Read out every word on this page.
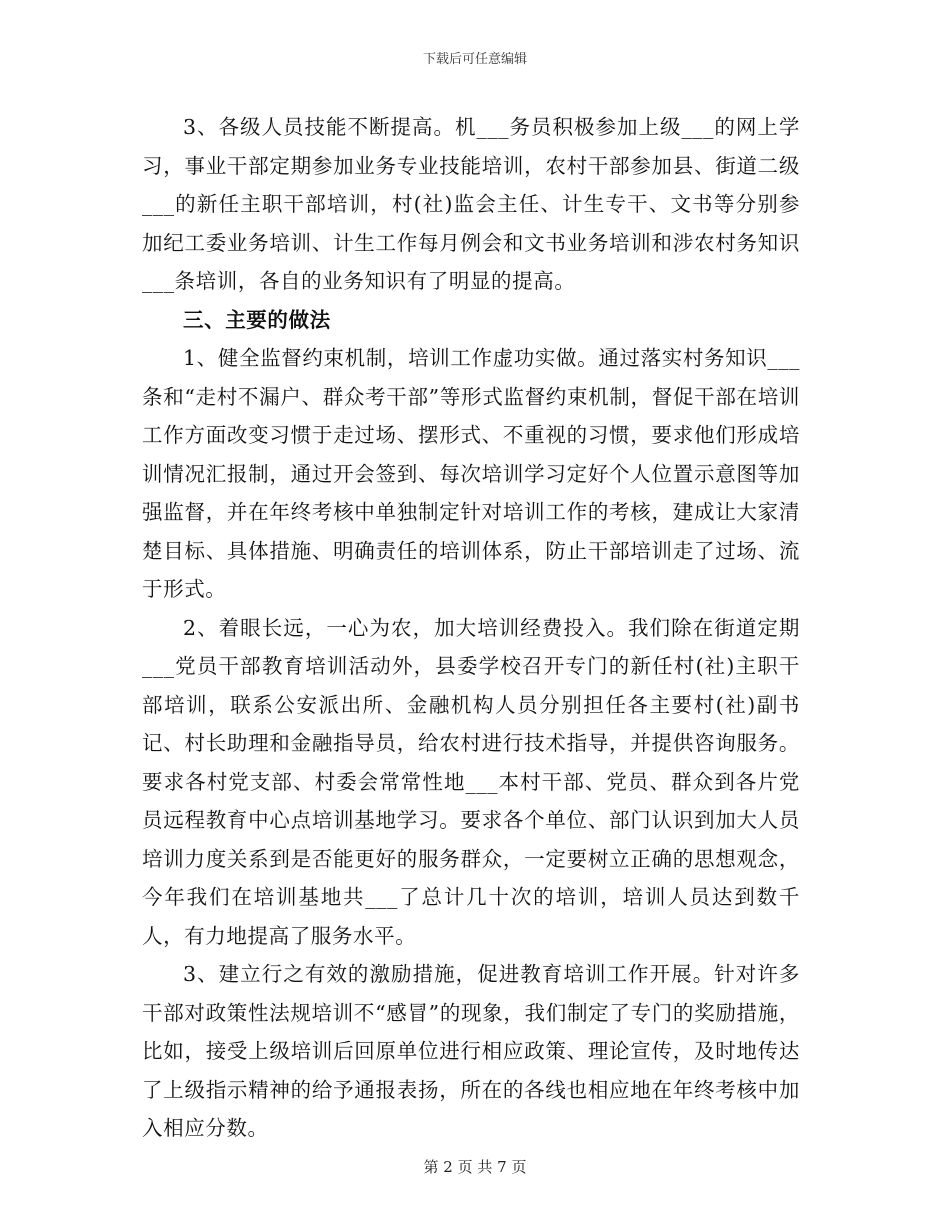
下载后可任意编辑

3、各级人员技能不断提高。机___务员积极参加上级___的网上学习，事业干部定期参加业务专业技能培训，农村干部参加县、街道二级___的新任主职干部培训，村(社)监会主任、计生专干、文书等分别参加纪工委业务培训、计生工作每月例会和文书业务培训和涉农村务知识___条培训，各自的业务知识有了明显的提高。

三、主要的做法

1、健全监督约束机制，培训工作虚功实做。通过落实村务知识___条和“走村不漏户、群众考干部”等形式监督约束机制，督促干部在培训工作方面改变习惯于走过场、摆形式、不重视的习惯，要求他们形成培训情况汇报制，通过开会签到、每次培训学习定好个人位置示意图等加强监督，并在年终考核中单独制定针对培训工作的考核，建成让大家清楚目标、具体措施、明确责任的培训体系，防止干部培训走了过场、流于形式。

2、着眼长远，一心为农，加大培训经费投入。我们除在街道定期___党员干部教育培训活动外，县委学校召开专门的新任村(社)主职干部培训，联系公安派出所、金融机构人员分别担任各主要村(社)副书记、村长助理和金融指导员，给农村进行技术指导，并提供咨询服务。要求各村党支部、村委会常常性地___本村干部、党员、群众到各片党员远程教育中心点培训基地学习。要求各个单位、部门认识到加大人员培训力度关系到是否能更好的服务群众，一定要树立正确的思想观念，今年我们在培训基地共___了总计几十次的培训，培训人员达到数千人，有力地提高了服务水平。

3、建立行之有效的激励措施，促进教育培训工作开展。针对许多干部对政策性法规培训不“感冒”的现象，我们制定了专门的奖励措施，比如，接受上级培训后回原单位进行相应政策、理论宣传，及时地传达了上级指示精神的给予通报表扬，所在的各线也相应地在年终考核中加入相应分数。

第 2 页 共 7 页
